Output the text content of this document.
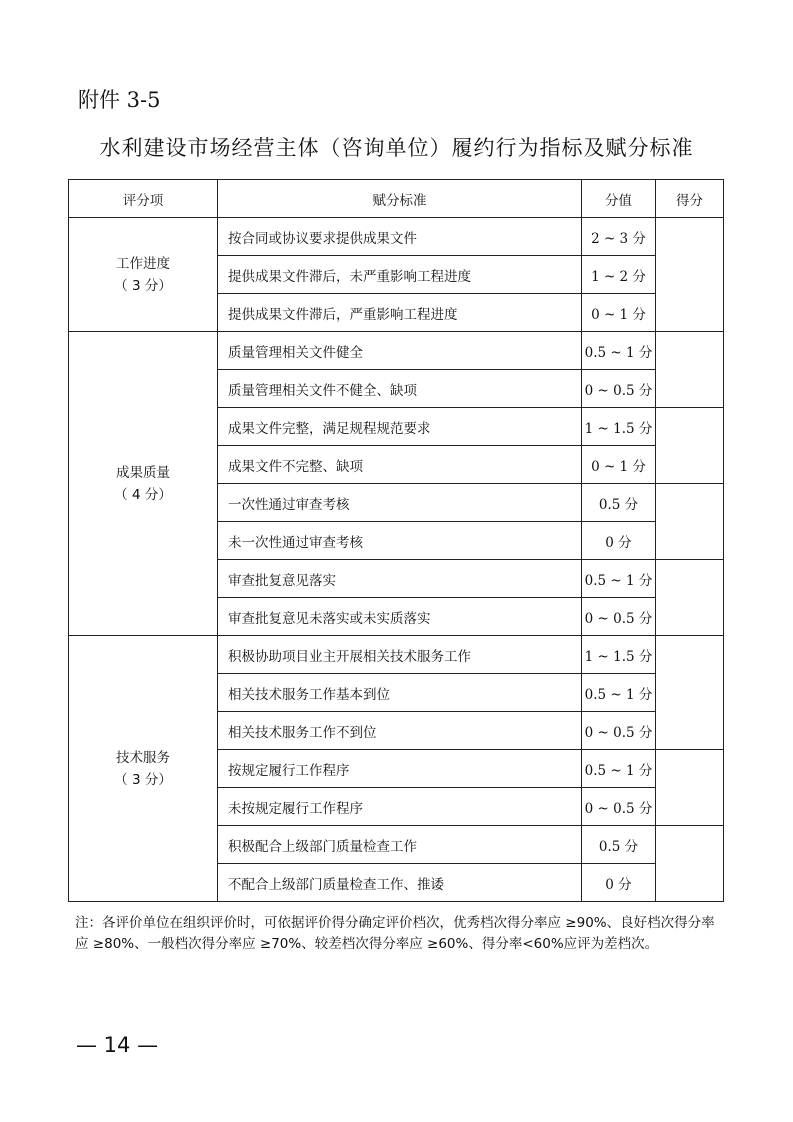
附件 3-5
水利建设市场经营主体（咨询单位）履约行为指标及赋分标准
评分项	赋分标准	分值	得分

工作进度
（ 3 分）	按合同或协议要求提供成果文件	2 ~ 3 分	
	提供成果文件滞后，未严重影响工程进度	1 ~ 2 分	
	提供成果文件滞后，严重影响工程进度	0 ~ 1 分	

成果质量
（ 4 分）	质量管理相关文件健全	0.5 ~ 1 分	
	质量管理相关文件不健全、缺项	0 ~ 0.5 分	
	成果文件完整，满足规程规范要求	1 ~ 1.5 分	
	成果文件不完整、缺项	0 ~ 1 分	
	一次性通过审查考核	0.5 分	
	未一次性通过审查考核	0 分	
	审查批复意见落实	0.5 ~ 1 分	
	审查批复意见未落实或未实质落实	0 ~ 0.5 分	

技术服务
（ 3 分）	积极协助项目业主开展相关技术服务工作	1 ~ 1.5 分	
	相关技术服务工作基本到位	0.5 ~ 1 分	
	相关技术服务工作不到位	0 ~ 0.5 分	
	按规定履行工作程序	0.5 ~ 1 分	
	未按规定履行工作程序	0 ~ 0.5 分	
	积极配合上级部门质量检查工作	0.5 分	
	不配合上级部门质量检查工作、推诿	0 分	
注：各评价单位在组织评价时，可依据评价得分确定评价档次，优秀档次得分率应 ≥90%、良好档次得分率应 ≥80%、一般档次得分率应 ≥70%、较差档次得分率应 ≥60%、得分率<60%应评为差档次。
— 14 —
